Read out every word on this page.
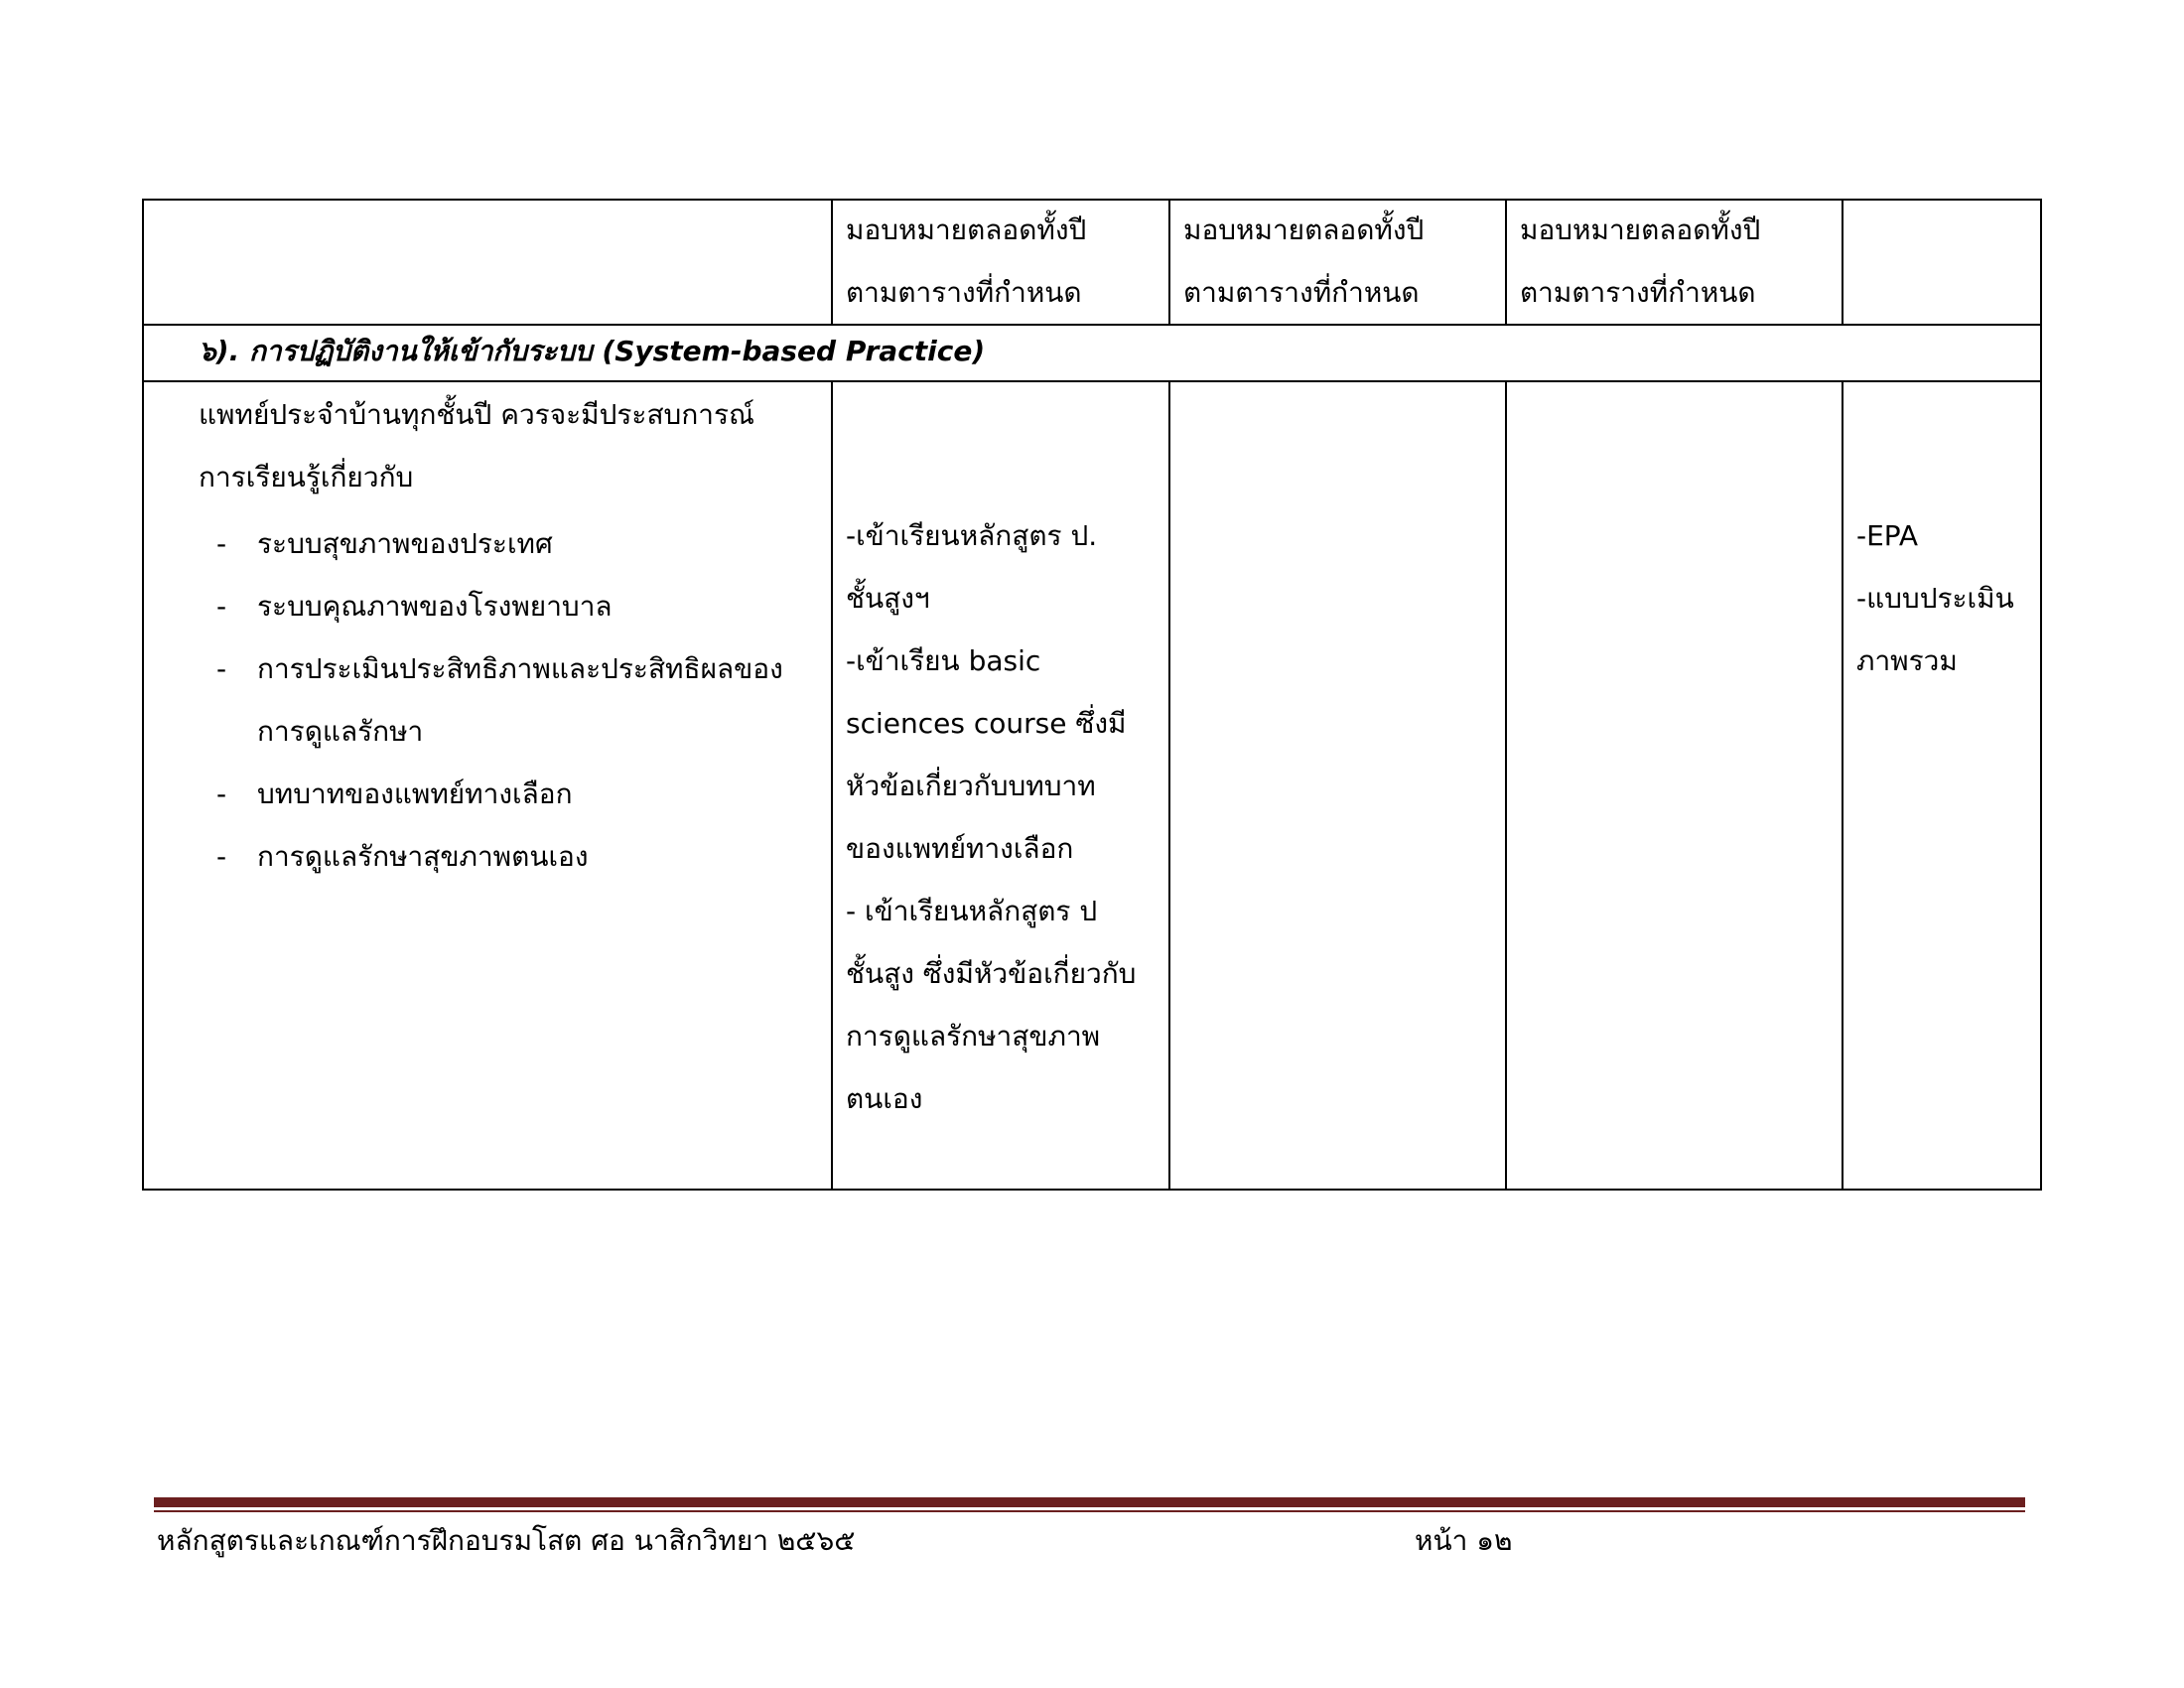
มอบหมายตลอดทั้งปี
ตามตารางที่กำหนด
มอบหมายตลอดทั้งปี
ตามตารางที่กำหนด
มอบหมายตลอดทั้งปี
ตามตารางที่กำหนด
๖). การปฏิบัติงานให้เข้ากับระบบ (System-based Practice)
แพทย์ประจำบ้านทุกชั้นปี ควรจะมีประสบการณ์
การเรียนรู้เกี่ยวกับ
- ระบบสุขภาพของประเทศ
- ระบบคุณภาพของโรงพยาบาล
- การประเมินประสิทธิภาพและประสิทธิผลของ
การดูแลรักษา
- บทบาทของแพทย์ทางเลือก
- การดูแลรักษาสุขภาพตนเอง
-เข้าเรียนหลักสูตร ป.
ชั้นสูงฯ
-เข้าเรียน basic
sciences course ซึ่งมี
หัวข้อเกี่ยวกับบทบาท
ของแพทย์ทางเลือก
- เข้าเรียนหลักสูตร ป
ชั้นสูง ซึ่งมีหัวข้อเกี่ยวกับ
การดูแลรักษาสุขภาพ
ตนเอง
-EPA
-แบบประเมิน
ภาพรวม
หลักสูตรและเกณฑ์การฝึกอบรมโสต ศอ นาสิกวิทยา ๒๕๖๕	หน้า ๑๒
